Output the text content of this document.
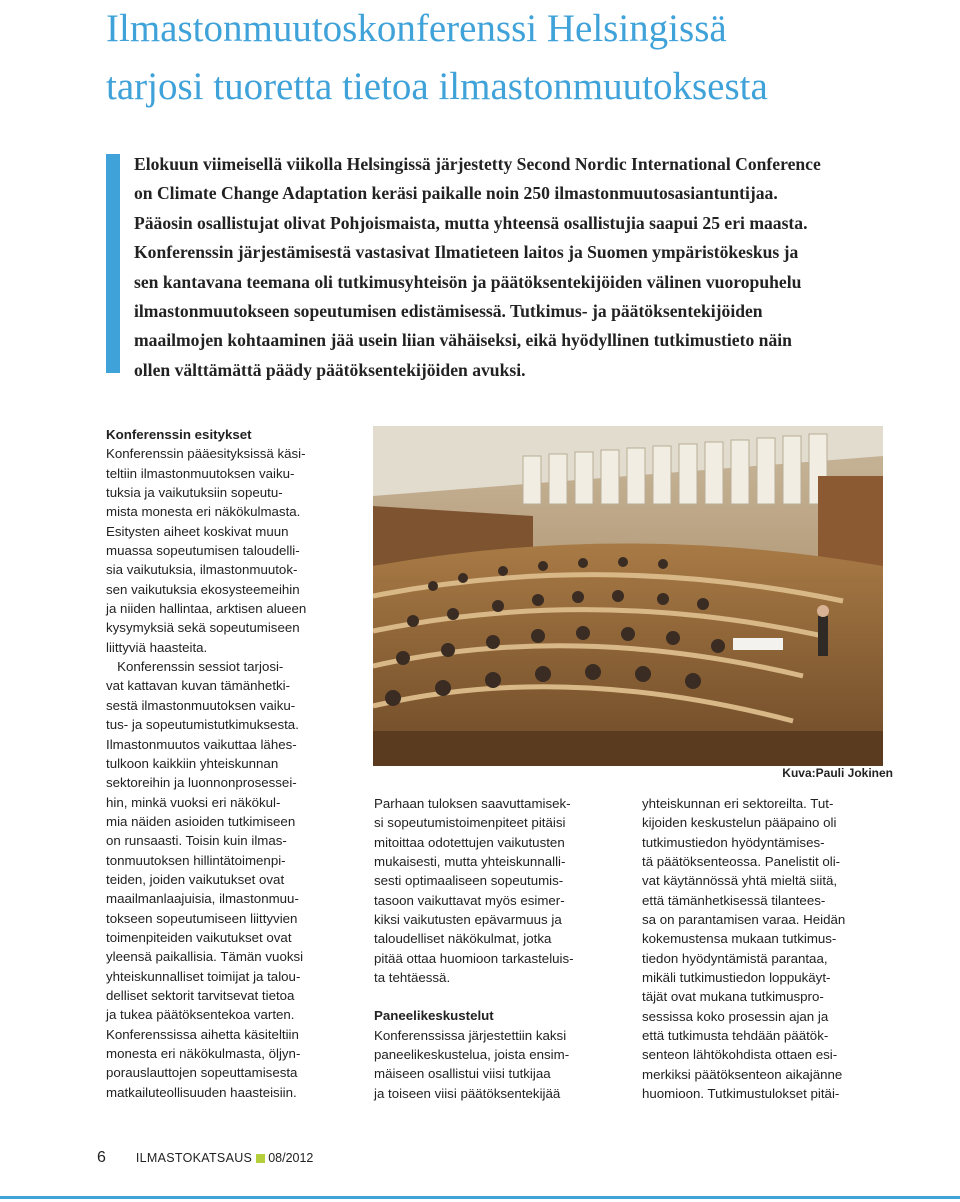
Ilmastonmuutoskonferenssi Helsingissä
tarjosi tuoretta tietoa ilmastonmuutoksesta

Elokuun viimeisellä viikolla Helsingissä järjestetty Second Nordic International Conference
on Climate Change Adaptation keräsi paikalle noin 250 ilmastonmuutosasiantuntijaa.
Pääosin osallistujat olivat Pohjoismaista, mutta yhteensä osallistujia saapui 25 eri maasta.
Konferenssin järjestämisestä vastasivat Ilmatieteen laitos ja Suomen ympäristökeskus ja
sen kantavana teemana oli tutkimusyhteisön ja päätöksentekijöiden välinen vuoropuhelu
ilmastonmuutokseen sopeutumisen edistämisessä. Tutkimus- ja päätöksentekijöiden
maailmojen kohtaaminen jää usein liian vähäiseksi, eikä hyödyllinen tutkimustieto näin
ollen välttämättä päädy päätöksentekijöiden avuksi.

Konferenssin esitykset
Konferenssin pääesityksissä käsi-
teltiin ilmastonmuutoksen vaiku-
tuksia ja vaikutuksiin sopeutu-
mista monesta eri näkökulmasta.
Esitysten aiheet koskivat muun
muassa sopeutumisen taloudelli-
sia vaikutuksia, ilmastonmuutok-
sen vaikutuksia ekosysteemeihin
ja niiden hallintaa, arktisen alueen
kysymyksiä sekä sopeutumiseen
liittyviä haasteita.
Konferenssin sessiot tarjosi-
vat kattavan kuvan tämänhetki-
sestä ilmastonmuutoksen vaiku-
tus- ja sopeutumistutkimuksesta.
Ilmastonmuutos vaikuttaa lähes-
tulkoon kaikkiin yhteiskunnan
sektoreihin ja luonnonprosessei-
hin, minkä vuoksi eri näkökul-
mia näiden asioiden tutkimiseen
on runsaasti. Toisin kuin ilmas-
tonmuutoksen hillintätoimenpi-
teiden, joiden vaikutukset ovat
maailmanlaajuisia, ilmastonmuu-
tokseen sopeutumiseen liittyvien
toimenpiteiden vaikutukset ovat
yleensä paikallisia. Tämän vuoksi
yhteiskunnalliset toimijat ja talou-
delliset sektorit tarvitsevat tietoa
ja tukea päätöksentekoa varten.
Konferenssissa aihetta käsiteltiin
monesta eri näkökulmasta, öljyn-
porauslauttojen sopeuttamisesta
matkailuteollisuuden haasteisiin.
Kuva:Pauli Jokinen
Parhaan tuloksen saavuttamisek-
si sopeutumistoimenpiteet pitäisi
mitoittaa odotettujen vaikutusten
mukaisesti, mutta yhteiskunnalli-
sesti optimaaliseen sopeutumis-
tasoon vaikuttavat myös esimer-
kiksi vaikutusten epävarmuus ja
taloudelliset näkökulmat, jotka
pitää ottaa huomioon tarkasteluis-
ta tehtäessä.
Paneelikeskustelut
Konferenssissa järjestettiin kaksi
paneelikeskustelua, joista ensim-
mäiseen osallistui viisi tutkijaa
ja toiseen viisi päätöksentekijää
yhteiskunnan eri sektoreilta. Tut-
kijoiden keskustelun pääpaino oli
tutkimustiedon hyödyntämises-
tä päätöksenteossa. Panelistit oli-
vat käytännössä yhtä mieltä siitä,
että tämänhetkisessä tilantees-
sa on parantamisen varaa. Heidän
kokemustensa mukaan tutkimus-
tiedon hyödyntämistä parantaa,
mikäli tutkimustiedon loppukäyt-
täjät ovat mukana tutkimuspro-
sessissa koko prosessin ajan ja
että tutkimusta tehdään päätök-
senteon lähtökohdista ottaen esi-
merkiksi päätöksenteon aikajänne
huomioon. Tutkimustulokset pitäi-
6 ILMASTOKATSAUS 08/2012
